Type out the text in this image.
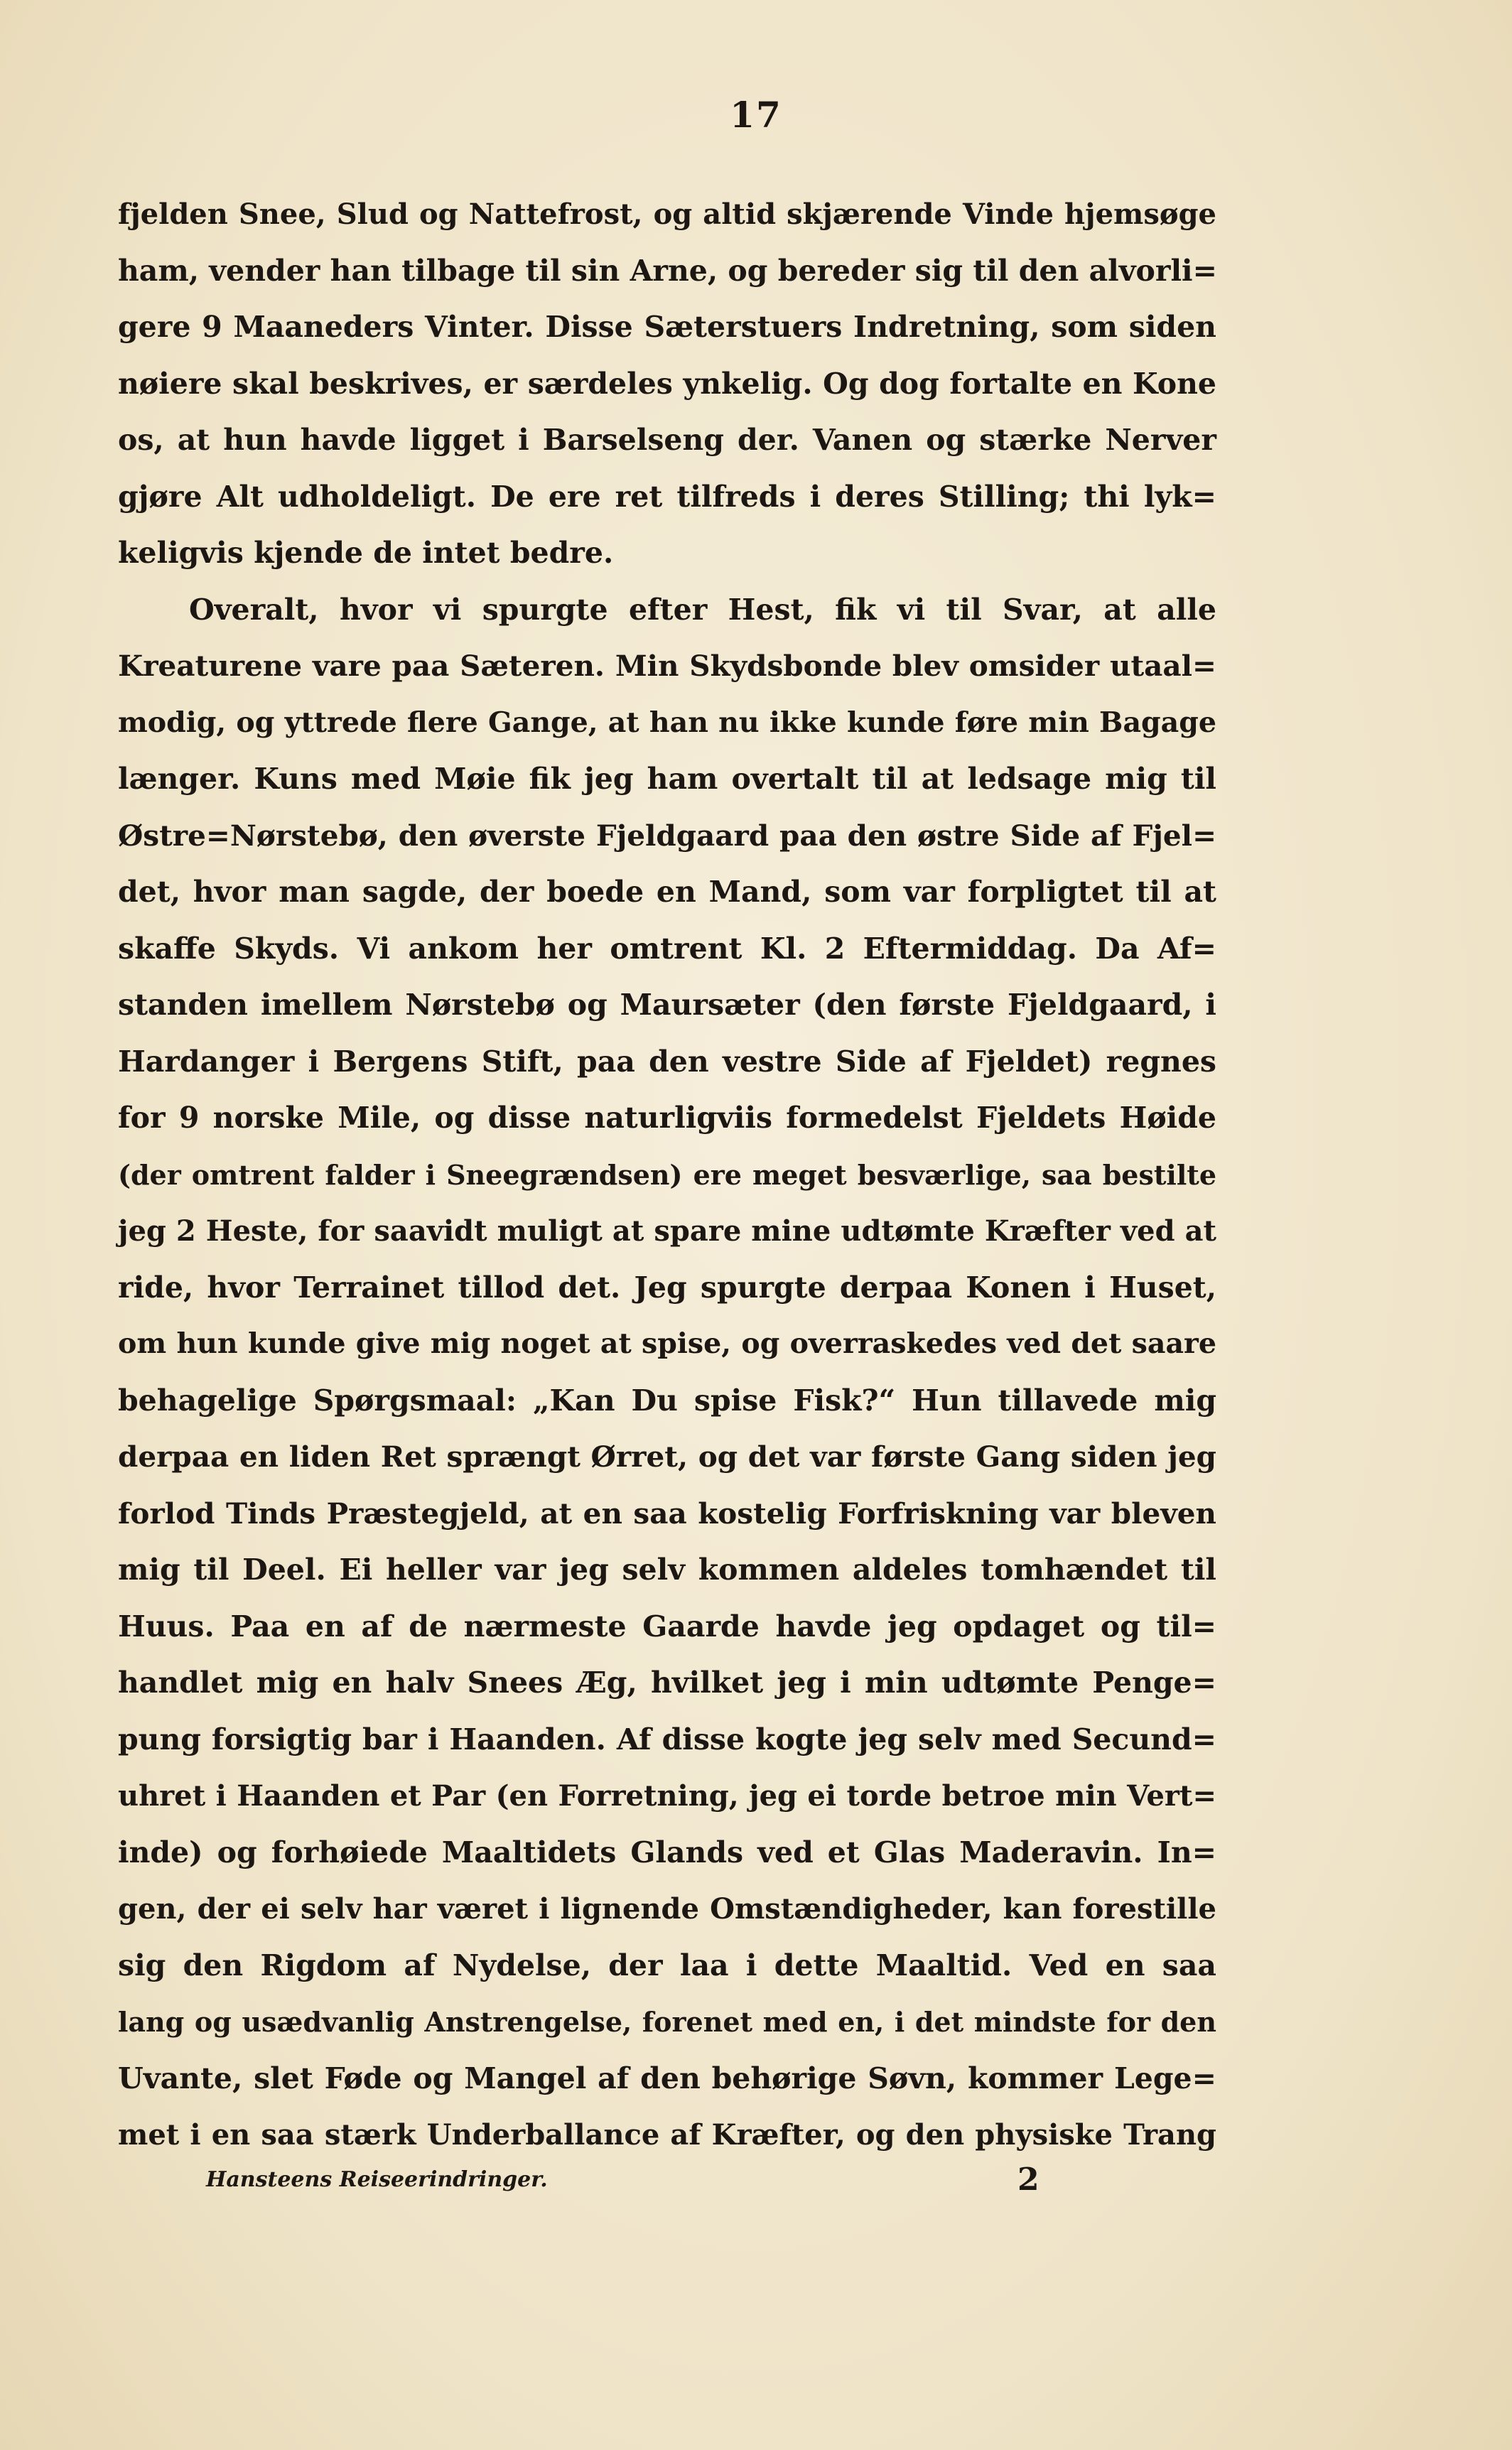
17
fjelden Snee, Slud og Nattefrost, og altid skjærende Vinde hjemsøge
ham, vender han tilbage til sin Arne, og bereder sig til den alvorli=
gere 9 Maaneders Vinter. Disse Sæterstuers Indretning, som siden
nøiere skal beskrives, er særdeles ynkelig. Og dog fortalte en Kone
os, at hun havde ligget i Barselseng der. Vanen og stærke Nerver
gjøre Alt udholdeligt. De ere ret tilfreds i deres Stilling; thi lyk=
keligvis kjende de intet bedre.
Overalt, hvor vi spurgte efter Hest, fik vi til Svar, at alle
Kreaturene vare paa Sæteren. Min Skydsbonde blev omsider utaal=
modig, og yttrede flere Gange, at han nu ikke kunde føre min Bagage
længer. Kuns med Møie fik jeg ham overtalt til at ledsage mig til
Østre=Nørstebø, den øverste Fjeldgaard paa den østre Side af Fjel=
det, hvor man sagde, der boede en Mand, som var forpligtet til at
skaffe Skyds. Vi ankom her omtrent Kl. 2 Eftermiddag. Da Af=
standen imellem Nørstebø og Maursæter (den første Fjeldgaard, i
Hardanger i Bergens Stift, paa den vestre Side af Fjeldet) regnes
for 9 norske Mile, og disse naturligviis formedelst Fjeldets Høide
(der omtrent falder i Sneegrændsen) ere meget besværlige, saa bestilte
jeg 2 Heste, for saavidt muligt at spare mine udtømte Kræfter ved at
ride, hvor Terrainet tillod det. Jeg spurgte derpaa Konen i Huset,
om hun kunde give mig noget at spise, og overraskedes ved det saare
behagelige Spørgsmaal: „Kan Du spise Fisk?“ Hun tillavede mig
derpaa en liden Ret sprængt Ørret, og det var første Gang siden jeg
forlod Tinds Præstegjeld, at en saa kostelig Forfriskning var bleven
mig til Deel. Ei heller var jeg selv kommen aldeles tomhændet til
Huus. Paa en af de nærmeste Gaarde havde jeg opdaget og til=
handlet mig en halv Snees Æg, hvilket jeg i min udtømte Penge=
pung forsigtig bar i Haanden. Af disse kogte jeg selv med Secund=
uhret i Haanden et Par (en Forretning, jeg ei torde betroe min Vert=
inde) og forhøiede Maaltidets Glands ved et Glas Maderavin. In=
gen, der ei selv har været i lignende Omstændigheder, kan forestille
sig den Rigdom af Nydelse, der laa i dette Maaltid. Ved en saa
lang og usædvanlig Anstrengelse, forenet med en, i det mindste for den
Uvante, slet Føde og Mangel af den behørige Søvn, kommer Lege=
met i en saa stærk Underballance af Kræfter, og den physiske Trang
Hansteens Reiseerindringer.	2
